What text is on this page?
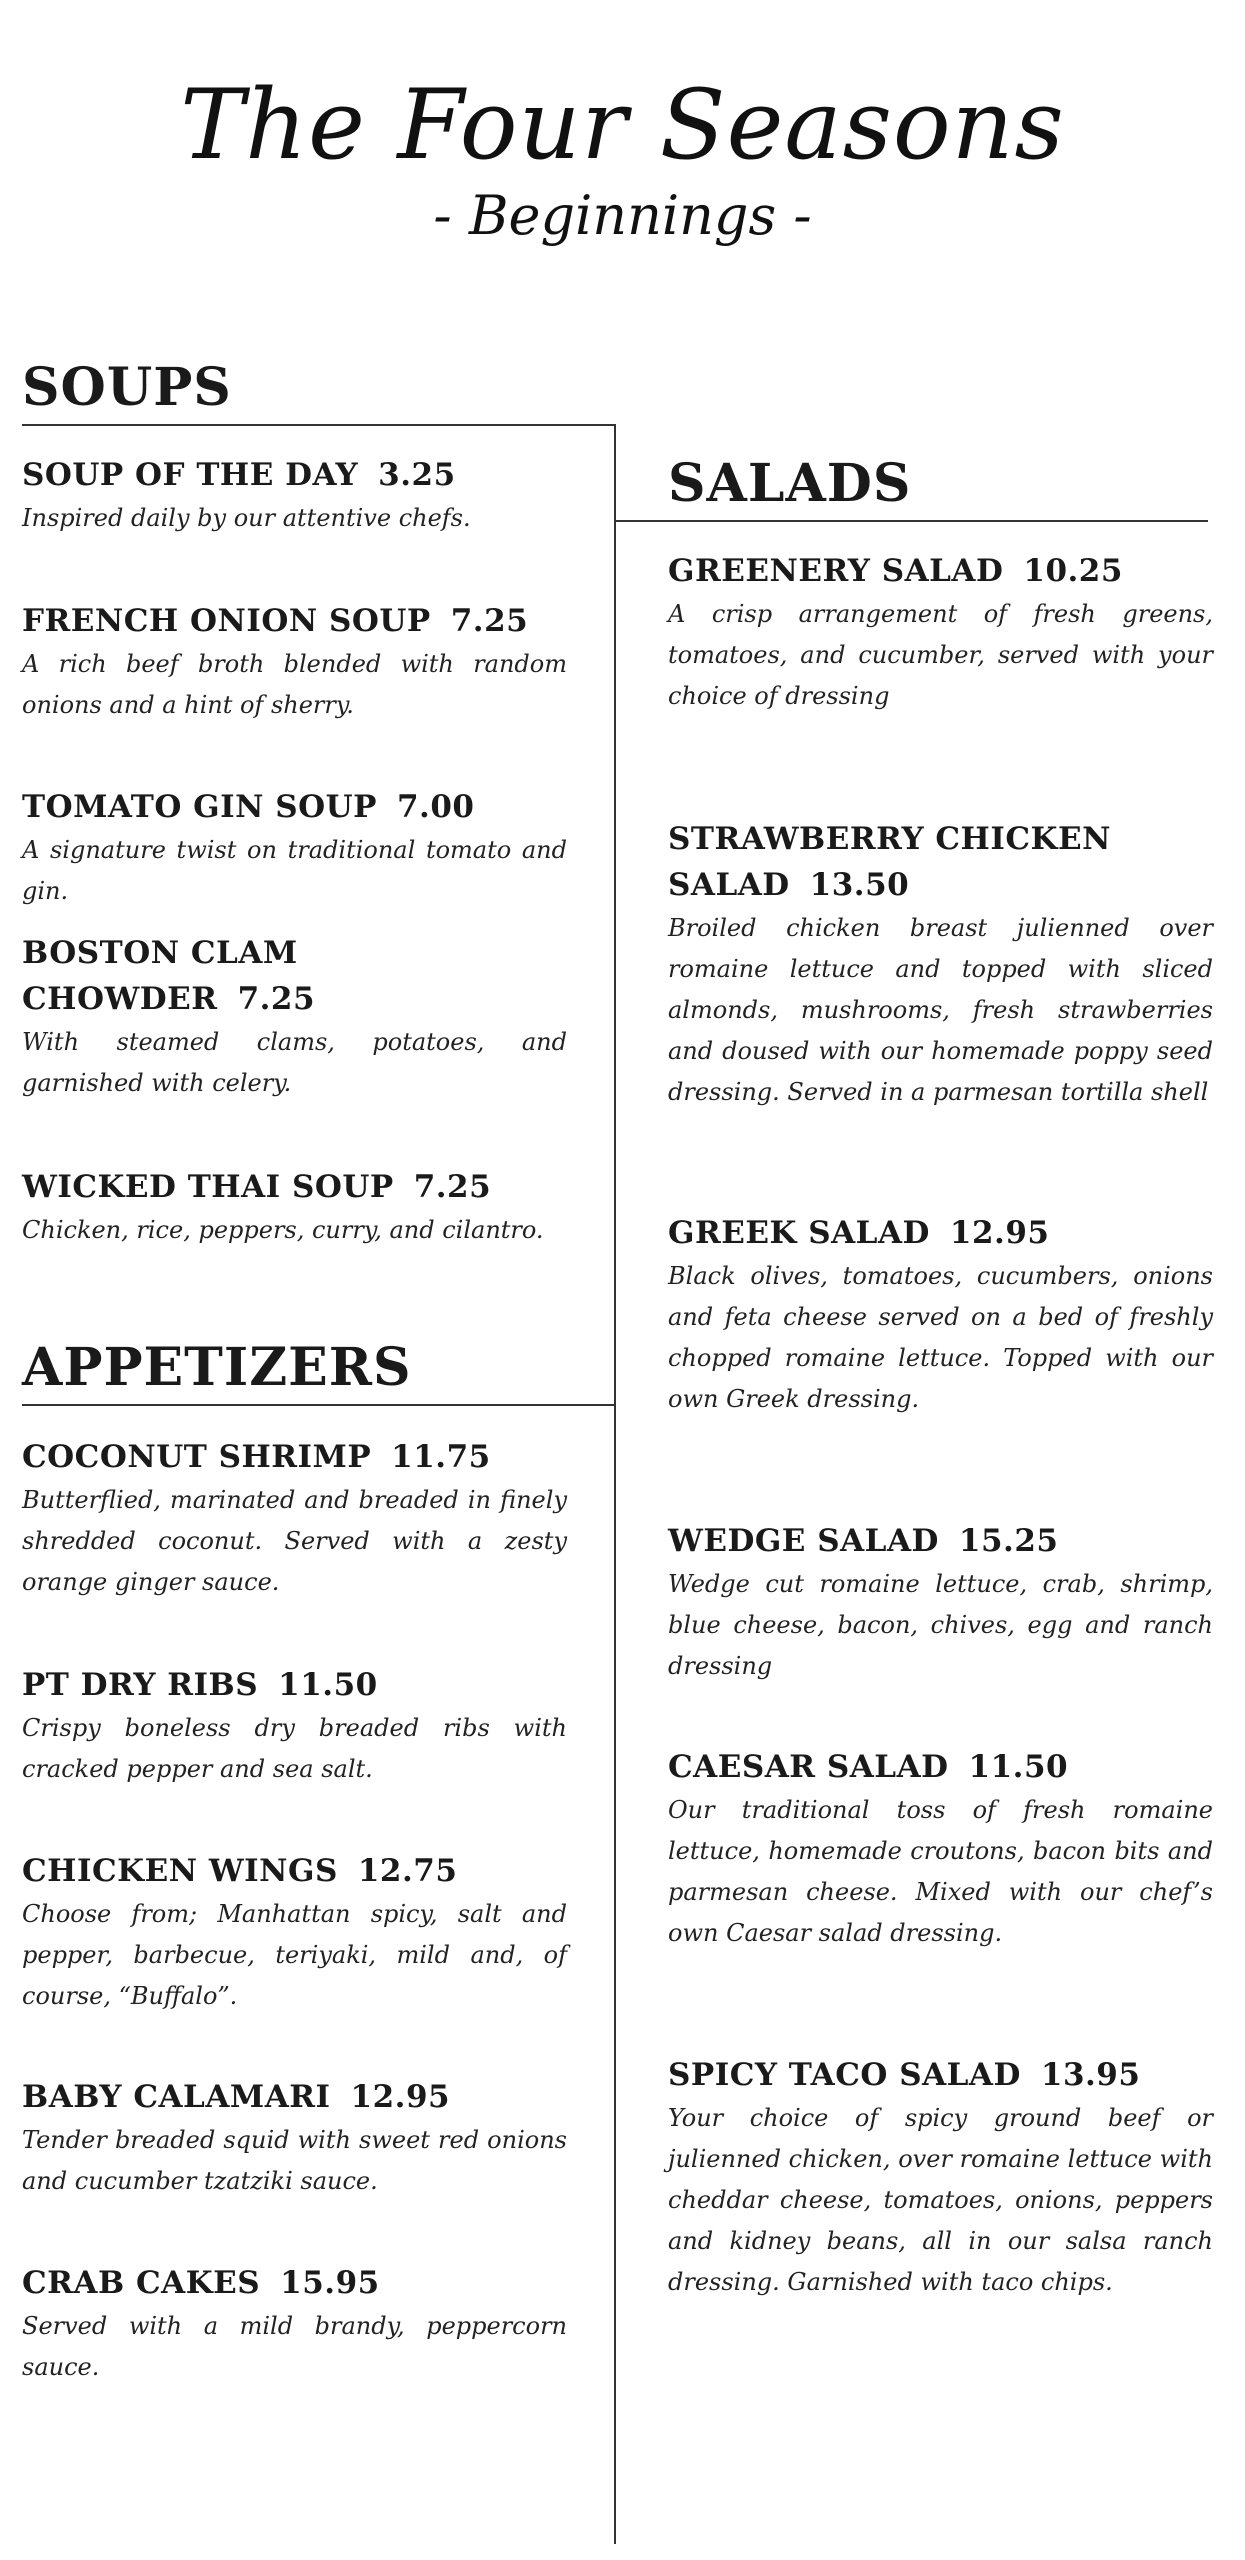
The Four Seasons
- Beginnings -
SOUPS
SOUP OF THE DAY 3.25
Inspired daily by our attentive chefs.
FRENCH ONION SOUP 7.25
A rich beef broth blended with random onions and a hint of sherry.
TOMATO GIN SOUP 7.00
A signature twist on traditional tomato and gin.
BOSTON CLAM CHOWDER 7.25
With steamed clams, potatoes, and garnished with celery.
WICKED THAI SOUP 7.25
Chicken, rice, peppers, curry, and cilantro.
APPETIZERS
COCONUT SHRIMP 11.75
Butterflied, marinated and breaded in finely shredded coconut. Served with a zesty orange ginger sauce.
PT DRY RIBS 11.50
Crispy boneless dry breaded ribs with cracked pepper and sea salt.
CHICKEN WINGS 12.75
Choose from; Manhattan spicy, salt and pepper, barbecue, teriyaki, mild and, of course, “Buffalo”.
BABY CALAMARI 12.95
Tender breaded squid with sweet red onions and cucumber tzatziki sauce.
CRAB CAKES 15.95
Served with a mild brandy, peppercorn sauce.
SALADS
GREENERY SALAD 10.25
A crisp arrangement of fresh greens, tomatoes, and cucumber, served with your choice of dressing
STRAWBERRY CHICKEN SALAD 13.50
Broiled chicken breast julienned over romaine lettuce and topped with sliced almonds, mushrooms, fresh strawberries and doused with our homemade poppy seed dressing. Served in a parmesan tortilla shell
GREEK SALAD 12.95
Black olives, tomatoes, cucumbers, onions and feta cheese served on a bed of freshly chopped romaine lettuce. Topped with our own Greek dressing.
WEDGE SALAD 15.25
Wedge cut romaine lettuce, crab, shrimp, blue cheese, bacon, chives, egg and ranch dressing
CAESAR SALAD 11.50
Our traditional toss of fresh romaine lettuce, homemade croutons, bacon bits and parmesan cheese. Mixed with our chef’s own Caesar salad dressing.
SPICY TACO SALAD 13.95
Your choice of spicy ground beef or julienned chicken, over romaine lettuce with cheddar cheese, tomatoes, onions, peppers and kidney beans, all in our salsa ranch dressing. Garnished with taco chips.
